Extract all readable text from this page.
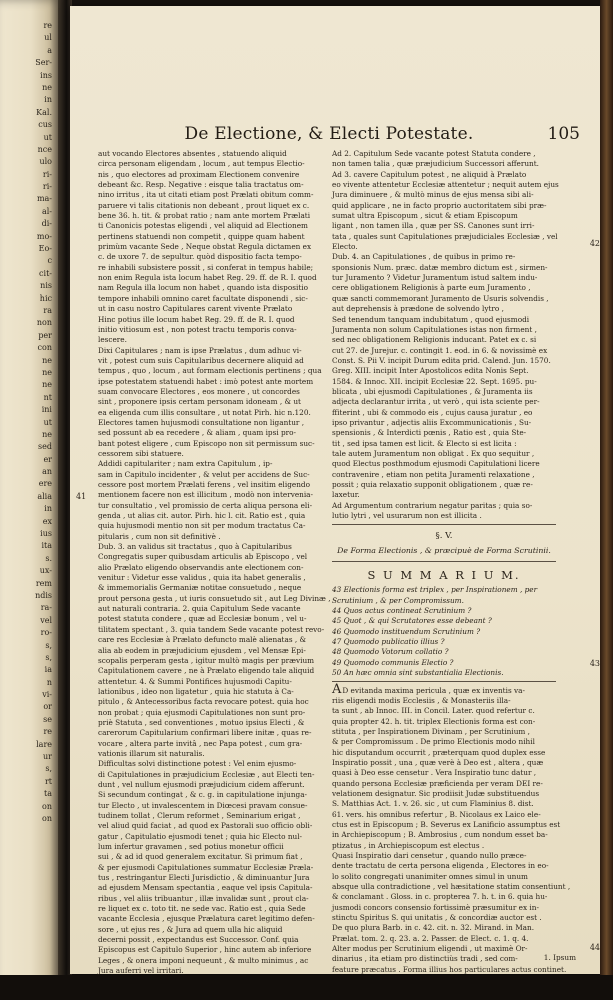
re
ul
a
Ser-
ins
ne
in
Kal.
cus
ut
nce
ulo
ri-
ri-
ma-
al-
di-
mo-
Eo-
c
cit-
nis
hic
ra
non
per
con
ne
ne
ne
nt
ini
ut
ne
sed
er
an
ere
alia
in
ex
ius
ita
s.
ux-
rem
ndis
ra-
vel
ro-
s,
s,
ia
n
vi-
or
se
re
lare
ur
s,
rt
ta
on
on
De Electione, & Electi Potestate.	105
aut vocando Electores absentes , statuendo aliquid
circa personam eligendam , locum , aut tempus Electio-
nis , quo electores ad proximam Electionem convenire
debeant &c. Resp. Negative : eisque talia tractatus om-
nino irritus , ita ut citati etiam post Prælati obitum comm-
paruere vi talis citationis non debeant , prout liquet ex c.
bene 36. h. tit. & probat ratio ; nam ante mortem Prælati
ti Canonicis potestas eligendi , vel aliquid ad Electionem
pertinens statuendi non competit , quippe quam habent
primùm vacante Sede , Neque obstat Regula dictamen ex
c. de uxore 7. de sepultur. quòd dispositio facta tempo-
re inhabili subsistere possit , si conferat in tempus habile;
non enim Regula ista locum habet Reg. 29. ff. de R. I. quod
nam Regula illa locum non habet , quando ista dispositio
tempore inhabili omnino caret facultate disponendi , sic-
ut in casu nostro Capitulares carent vivente Prælato
Hinc potius ille locum habet Reg. 29. ff. de R. I. quod
initio vitiosum est , non potest tractu temporis conva-
lescere.
Dixi Capitulares ; nam is ipse Prælatus , dum adhuc vi-
vit , potest cum suis Capitularibus decernere aliquid ad
tempus , quo , locum , aut formam electionis pertinens ; qua
ipse potestatem statuendi habet : imò potest ante mortem
suam convocare Electores , eos monere , ut concordes
sint , proponere ipsis certam personam idoneam , & ut
ea eligenda cum illis consultare , ut notat Pirh. hic n.120.
Electores tamen hujusmodi consultatione non ligantur ,
sed possunt ab ea recedere , & aliam , quam ipsi pro-
bant potest eligere , cum Episcopo non sit permissum suc-
cessorem sibi statuere.
Addidi capitulariter ; nam extra Capitulum , ip-
sam in Capitulo incidenter , & velut per accidens de Suc-
cessore post mortem Prælati ferens , vel insitim eligendo
mentionem facere non est illicitum , modò non intervenia-
tur consultatio , vel promissio de certa aliqua persona eli-
genda , ut alias cit. autor. Pirh. hic l. cit. Ratio est , quia
quia hujusmodi mentio non sit per modum tractatus Ca-
pitularis , cum non sit definitivè .
Dub. 3. an validus sit tractatus , quo à Capitularibus
Congregatis super quibusdam articulis ab Episcopo , vel
alio Prælato eligendo observandis ante electionem con-
venitur : Videtur esse validus , quia ita habet generalis ,
& immemorialis Germaniæ notitae consuetudo , neque
prout persona gesta , ut iuris consuetudo sit , aut Leg Divinæ ,
aut naturali contraria. 2. quia Capitulum Sede vacante
potest statuta condere , quæ ad Ecclesiæ bonum , vel u-
tilitatem spectant , 3. quia tandem Sede vacante potest revo-
care res Ecclesiæ à Prælato defuncto malè alienatas , &
alia ab eodem in præjudicium ejusdem , vel Mensæ Epi-
scopalis perperam gesta , igitur multò magis per prævium
Capitulationem cavere , ne à Prælato eligendo tale aliquid
attentetur. 4. & Summi Pontifices hujusmodi Capitu-
lationibus , ideo non ligatetur , quia hic statuta à Ca-
pitulo , & Antecessoribus facta revocare potest. quia hoc
non probat ; quia ejusmodi Capitulationes non sunt pro-
priè Statuta , sed conventiones , motuo ipsius Electi , &
carerorum Capitularium confirmari libere initæ , quas re-
vocare , altera parte invitâ , nec Papa potest , cum gra-
vationis illarum sit naturalis.
Difficultas solvi distinctione potest : Vel enim ejusmo-
di Capitulationes in præjudicium Ecclesiæ , aut Electi ten-
dunt , vel nullum ejusmodi præjudicium cidem afferunt.
Si secundum contingat , & c. g. in capitulatione injunga-
tur Electo , ut invalescentem in Diœcesi pravam consue-
tudinem tollat , Clerum reformet , Seminarium erigat ,
vel aliud quid faciat , ad quod ex Pastorali suo officio obli-
gatur , Capitulatio ejusmodi tenet ; quia hic Electo nul-
lum infertur gravamen , sed potius monetur officii
sui , & ad id quod generalem excitatur. Si primum fiat ,
& per ejusmodi Capitulationes summatur Ecclesiæ Præla-
tus , restringantur Electi Jurisdictio , & diminuantur Jura
ad ejusdem Mensam spectantia , eaque vel ipsis Capitula-
ribus , vel aliis tribuantur , illæ invalidæ sunt , prout cla-
re liquet ex c. toto tit. ne sede vac. Ratio est , quia Sede
vacante Ecclesia , ejusque Prælatura caret legitimo defen-
sore , ut ejus res , & Jura ad quem ulla hic aliquid
decerni possit , expectandus est Successor. Conf. quia
Episcopus est Capitulo Superior , hinc autem ab inferiore
Leges , & onera imponi nequeunt , & multo minimus , ac
Jura auferri vel irritari.
Ad 2. Capitulum Sede vacante potest Statuta condere ,
non tamen talia , quæ præjudicium Successori afferunt.
Ad 3. cavere Capitulum potest , ne aliquid à Prælato
eo vivente attentetur Ecclesiæ attentetur ; nequit autem ejus
Jura diminuere , & multò minus de ejus mensa sibi ali-
quid applicare , ne in facto proprio auctoritatem sibi præ-
sumat ultra Episcopum , sicut & etiam Episcopum
ligant , non tamen illa , quæ per SS. Canones sunt irri-
tata , quales sunt Capitulationes præjudiciales Ecclesiæ , vel
Electo.
Dub. 4. an Capitulationes , de quibus in primo re-
sponsionis Num. præc. datæ membro dictum est , sirmen-
tur Juramento ? Videtur Juramentum istud saltem indu-
cere obligationem Religionis à parte eum Juramento ,
quæ sancti commemorant Juramento de Usuris solvendis ,
aut deprehensis à prædone de solvendo lytro ,
Sed tenendum tanquam indubitatum , quod ejusmodi
Juramenta non solum Capitulationes istas non firment ,
sed nec obligationem Religionis inducant. Patet ex c. si
cut 27. de Jurejur. c. contingit 1. eod. in 6. & novissimè ex
Const. S. Pii V. incipit Durum edita prid. Calend. Jun. 1570.
Greg. XIII. incipit Inter Apostolicos edita Nonis Sept.
1584. & Innoc. XII. incipit Ecclesiæ 22. Sept. 1695. pu-
blicata , ubi ejusmodi Capitulationes , & Juramenta iis
adjecta declarantur irrita , ut verò , qui ista sciente per-
ffiterint , ubi & commodo eis , cujus causa juratur , eo
ipso privantur , adjectis aliis Excommunicationis , Su-
spensionis , & Interdicti pœnis , Ratio est , quia Ste-
tit , sed ipsa tamen est licit. & Electo si est licita :
tale autem Juramentum non obligat . Ex quo sequitur ,
quod Electus posthmodum ejusmodi Capitulationi licere
contravenire , etiam non petita Juramenti relaxatione ,
possit ; quia relaxatio supponit obligationem , quæ re-
laxetur.
Ad Argumentum contrarium negatur paritas ; quia so-
lutio lytri , vel usurarum non est illicita .
§. V.
De Forma Electionis , & præcipuè de Forma Scrutinii.
S U M M A R I U M.
43 Electionis forma est triplex , per Inspirationem , per
Scrutinium , & per Compromissum.
44 Quos actus contineat Scrutinium ?
45 Quot , & qui Scrutatores esse debeant ?
46 Quomodo instituendum Scrutinium ?
47 Quomodo publicatio illius ?
48 Quomodo Votorum collatio ?
49 Quomodo communis Electio ?
50 An hæc omnia sint substantialia Electionis.
AD evitanda maxima pericula , quæ ex inventis va-
riis eligendi modis Ecclesiis , & Monasteriis illa-
ta sunt , ab Innoc. III. in Concil. Later. quod refertur c.
quia propter 42. h. tit. triplex Electionis forma est con-
stituta , per Inspirationem Divinam , per Scrutinium ,
& per Compromissum . De primo Electionis modo nihil
hic disputandum occurrit , præterquam quod duplex esse
Inspiratio possit , una , quæ verè à Deo est , altera , quæ
quasi à Deo esse censetur . Vera Inspiratio tunc datur ,
quando persona Ecclesiæ præficienda per veram DEI re-
velationem designatur. Sic prodiisit Judæ substituendus
S. Matthias Act. 1. v. 26. sic , ut cum Flaminius 8. dist.
61. vers. his omnibus refertur , B. Nicolaus ex Laico ele-
ctus est in Episcopum ; B. Severus ex Lanificio assumptus est
in Archiepiscopum ; B. Ambrosius , cum nondum esset ba-
ptizatus , in Archiepiscopum est electus .
Quasi Inspiratio dari censetur , quando nullo præce-
dente tractatu de certa persona eligenda , Electores in eo-
lo solito congregati unanimiter omnes simul in unum
absque ulla contradictione , vel hæsitatione statim consentiunt ,
& conclamant . Gloss. in c. propterea 7. h. t. in 6. quia hu-
jusmodi concors consensio fortissimè præsumitur ex in-
stinctu Spiritus S. qui unitatis , & concordiæ auctor est .
De quo plura Barb. in c. 42. cit. n. 32. Mirand. in Man.
Prælat. tom. 2. q. 23. a. 2. Passer. de Elect. c. 1. q. 4.
Alter modus per Scrutinium eligendi , ut maximè Or-
dinarius , ita etiam pro distinctiùs tradi , sed com-
feature præcatus . Forma illius hos particulares actus continet.
41
42
43
44
1. Ipsum
